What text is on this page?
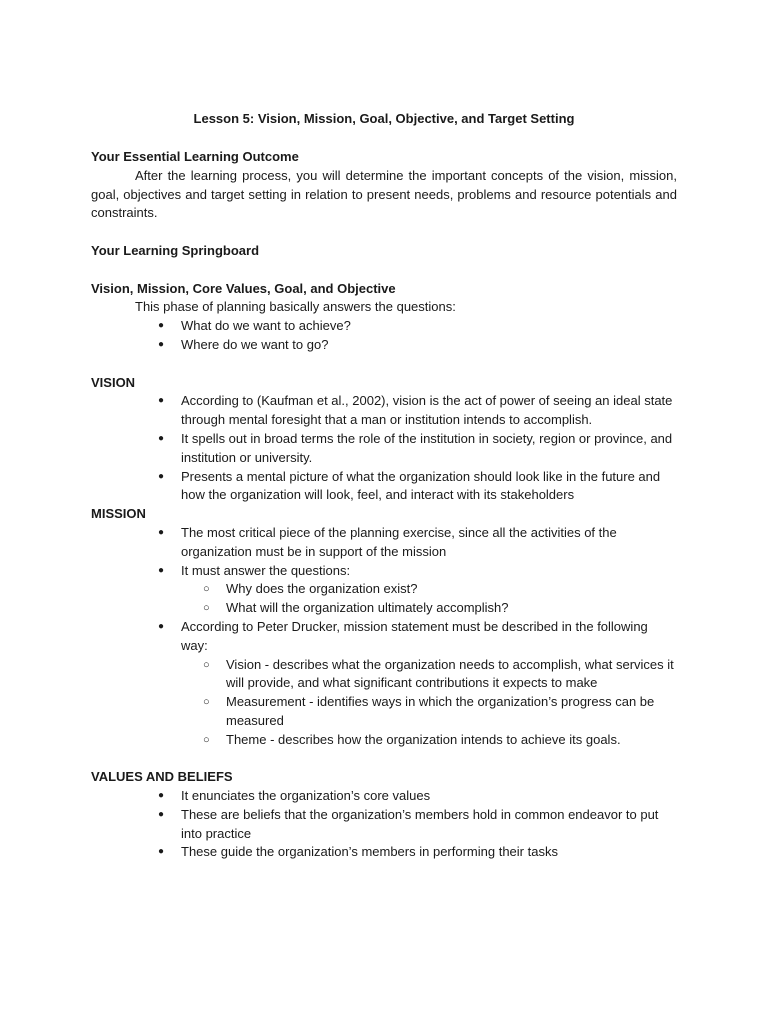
Lesson 5: Vision, Mission, Goal, Objective, and Target Setting

Your Essential Learning Outcome

After the learning process, you will determine the important concepts of the vision, mission, goal, objectives and target setting in relation to present needs, problems and resource potentials and constraints.

Your Learning Springboard

Vision, Mission, Core Values, Goal, and Objective

This phase of planning basically answers the questions:

● What do we want to achieve?
● Where do we want to go?

VISION

● According to (Kaufman et al., 2002), vision is the act of power of seeing an ideal state through mental foresight that a man or institution intends to accomplish.
● It spells out in broad terms the role of the institution in society, region or province, and institution or university.
● Presents a mental picture of what the organization should look like in the future and how the organization will look, feel, and interact with its stakeholders

MISSION

● The most critical piece of the planning exercise, since all the activities of the organization must be in support of the mission
● It must answer the questions:
○ Why does the organization exist?
○ What will the organization ultimately accomplish?
● According to Peter Drucker, mission statement must be described in the following way:
○ Vision - describes what the organization needs to accomplish, what services it will provide, and what significant contributions it expects to make
○ Measurement - identifies ways in which the organization’s progress can be measured
○ Theme - describes how the organization intends to achieve its goals.

VALUES AND BELIEFS

● It enunciates the organization’s core values
● These are beliefs that the organization’s members hold in common endeavor to put into practice
● These guide the organization’s members in performing their tasks
